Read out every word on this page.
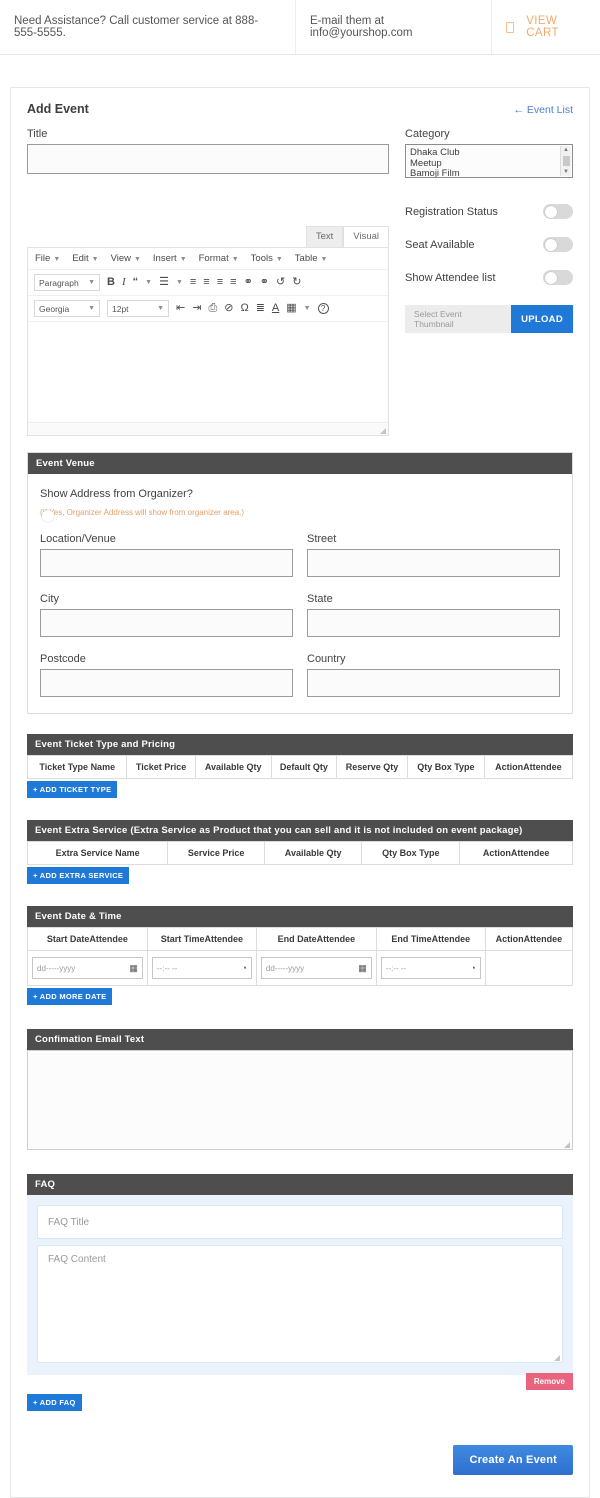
Need Assistance? Call customer service at 888-555-5555.
E-mail them at info@yourshop.com
VIEW CART
Add Event	← Event List
Title
Text	Visual
File ▼ Edit ▼ View ▼ Insert ▼ Format ▼ Tools ▼ Table ▼
Paragraph ▼ B I “ ▼ ☰ ▼ ≡ ≡ ≡ ≡ ⚭ ⚭ ↺ ↻
Georgia	▼ 12pt	▼ ⇤ ⇥ ⎙ ⊘ Ω ≣ A ▦ ▼	?
Category
Dhaka Club
Meetup
Bamoji Film
▲
▼
Registration Status
Seat Available
Show Attendee list
Select Event Thumbnail	UPLOAD
Event Venue
Show Address from Organizer?
(If Yes, Organizer Address will show from organizer area.)
Location/Venue	Street
City	State
Postcode	Country
Event Ticket Type and Pricing
Ticket Type Name	Ticket Price	Available Qty	Default Qty	Reserve Qty	Qty Box Type	ActionAttendee
+ ADD TICKET TYPE
Event Extra Service (Extra Service as Product that you can sell and it is not included on event package)
Extra Service Name	Service Price	Available Qty	Qty Box Type	ActionAttendee
+ ADD EXTRA SERVICE
Event Date & Time
Start DateAttendee	Start TimeAttendee	End DateAttendee	End TimeAttendee	ActionAttendee

dd-----yyyy ▦	--:-- -- ◔	dd-----yyyy ▦	--:-- -- ◔	

+ ADD MORE DATE
Confimation Email Text
FAQ
FAQ Title
FAQ Content
Remove
+ ADD FAQ
Create An Event
